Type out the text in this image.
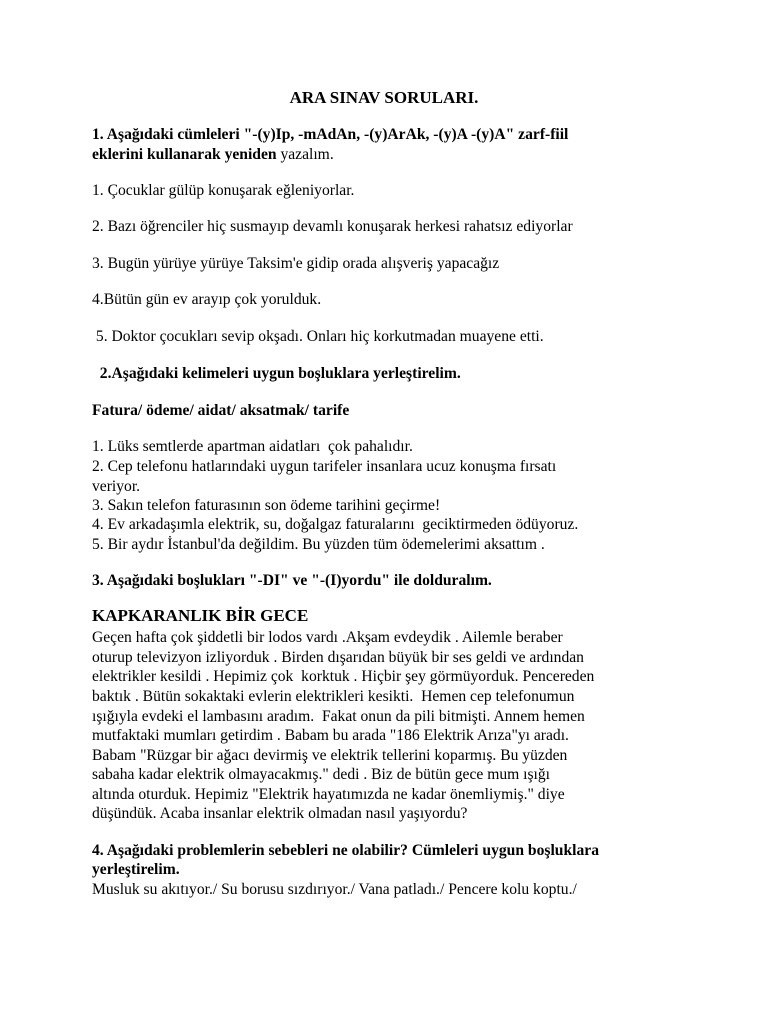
ARA SINAV SORULARI.
1. Aşağıdaki cümleleri "-(y)Ip, -mAdAn, -(y)ArAk, -(y)A -(y)A" zarf-fiil
eklerini kullanarak yeniden yazalım.
1. Çocuklar gülüp konuşarak eğleniyorlar.
2. Bazı öğrenciler hiç susmayıp devamlı konuşarak herkesi rahatsız ediyorlar
3. Bugün yürüye yürüye Taksim'e gidip orada alışveriş yapacağız
4.Bütün gün ev arayıp çok yorulduk.
5. Doktor çocukları sevip okşadı. Onları hiç korkutmadan muayene etti.
2.Aşağıdaki kelimeleri uygun boşluklara yerleştirelim.
Fatura/ ödeme/ aidat/ aksatmak/ tarife
1. Lüks semtlerde apartman aidatları  çok pahalıdır.
2. Cep telefonu hatlarındaki uygun tarifeler insanlara ucuz konuşma fırsatı
veriyor.
3. Sakın telefon faturasının son ödeme tarihini geçirme!
4. Ev arkadaşımla elektrik, su, doğalgaz faturalarını  geciktirmeden ödüyoruz.
5. Bir aydır İstanbul'da değildim. Bu yüzden tüm ödemelerimi aksattım .
3. Aşağıdaki boşlukları "-DI" ve "-(I)yordu" ile dolduralım.
KAPKARANLIK BİR GECE
Geçen hafta çok şiddetli bir lodos vardı .Akşam evdeydik . Ailemle beraber
oturup televizyon izliyorduk . Birden dışarıdan büyük bir ses geldi ve ardından
elektrikler kesildi . Hepimiz çok  korktuk . Hiçbir şey görmüyorduk. Pencereden
baktık . Bütün sokaktaki evlerin elektrikleri kesikti.  Hemen cep telefonumun
ışığıyla evdeki el lambasını aradım.  Fakat onun da pili bitmişti. Annem hemen
mutfaktaki mumları getirdim . Babam bu arada "186 Elektrik Arıza"yı aradı.
Babam "Rüzgar bir ağacı devirmiş ve elektrik tellerini koparmış. Bu yüzden
sabaha kadar elektrik olmayacakmış." dedi . Biz de bütün gece mum ışığı
altında oturduk. Hepimiz "Elektrik hayatımızda ne kadar önemliymiş." diye
düşündük. Acaba insanlar elektrik olmadan nasıl yaşıyordu?
4. Aşağıdaki problemlerin sebebleri ne olabilir? Cümleleri uygun boşluklara
yerleştirelim.
Musluk su akıtıyor./ Su borusu sızdırıyor./ Vana patladı./ Pencere kolu koptu./
